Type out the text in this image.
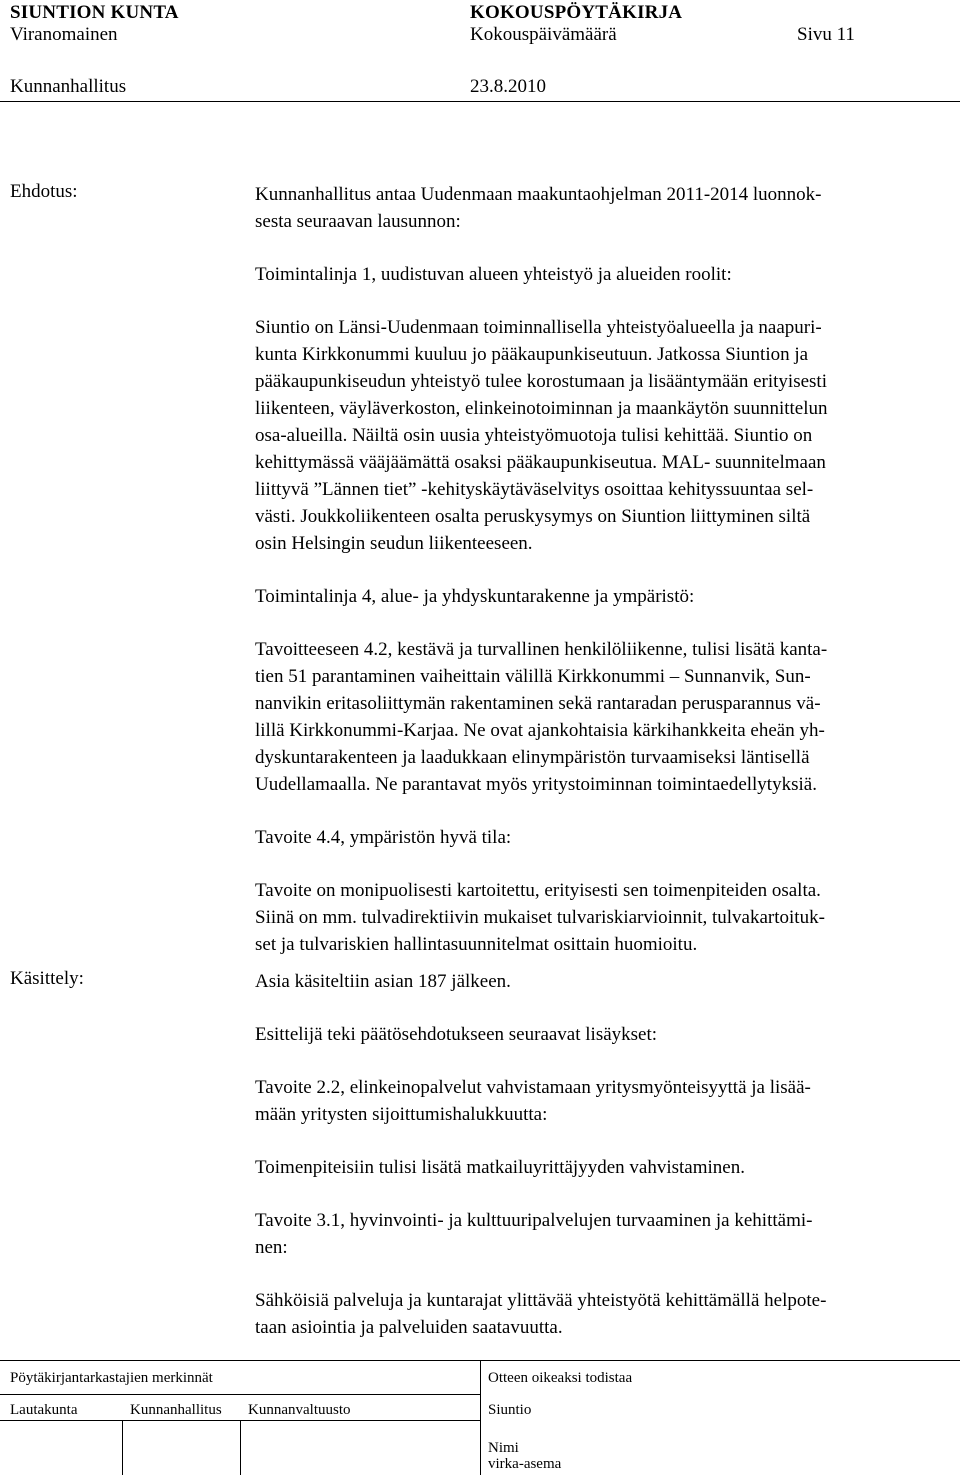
SIUNTION KUNTA	KOKOUSPÖYTÄKIRJA
Viranomainen	Kokouspäivämäärä	Sivu 11
Kunnanhallitus	23.8.2010
Ehdotus:	Kunnanhallitus antaa Uudenmaan maakuntaohjelman 2011-2014 luonnok-
sesta seuraavan lausunnon:

Toimintalinja 1, uudistuvan alueen yhteistyö ja alueiden roolit:

Siuntio on Länsi-Uudenmaan toiminnallisella yhteistyöalueella ja naapuri-
kunta Kirkkonummi kuuluu jo pääkaupunkiseutuun. Jatkossa Siuntion ja
pääkaupunkiseudun yhteistyö tulee korostumaan ja lisääntymään erityisesti
liikenteen, väyläverkoston, elinkeinotoiminnan ja maankäytön suunnittelun
osa-alueilla. Näiltä osin uusia yhteistyömuotoja tulisi kehittää. Siuntio on
kehittymässä vääjäämättä osaksi pääkaupunkiseutua. MAL- suunnitelmaan
liittyvä ”Lännen tiet” -kehityskäytäväselvitys osoittaa kehityssuuntaa sel-
västi. Joukkoliikenteen osalta peruskysymys on Siuntion liittyminen siltä
osin Helsingin seudun liikenteeseen.

Toimintalinja 4, alue- ja yhdyskuntarakenne ja ympäristö:

Tavoitteeseen 4.2, kestävä ja turvallinen henkilöliikenne, tulisi lisätä kanta-
tien 51 parantaminen vaiheittain välillä Kirkkonummi – Sunnanvik, Sun-
nanvikin eritasoliittymän rakentaminen sekä rantaradan perusparannus vä-
lillä Kirkkonummi-Karjaa. Ne ovat ajankohtaisia kärkihankkeita eheän yh-
dyskuntarakenteen ja laadukkaan elinympäristön turvaamiseksi läntisellä
Uudellamaalla. Ne parantavat myös yritystoiminnan toimintaedellytyksiä.

Tavoite 4.4, ympäristön hyvä tila:

Tavoite on monipuolisesti kartoitettu, erityisesti sen toimenpiteiden osalta.
Siinä on mm. tulvadirektiivin mukaiset tulvariskiarvioinnit, tulvakartoituk-
set ja tulvariskien hallintasuunnitelmat osittain huomioitu.

Käsittely:	Asia käsiteltiin asian 187 jälkeen.

Esittelijä teki päätösehdotukseen seuraavat lisäykset:

Tavoite 2.2, elinkeinopalvelut vahvistamaan yritysmyönteisyyttä ja lisää-
mään yritysten sijoittumishalukkuutta:

Toimenpiteisiin tulisi lisätä matkailuyrittäjyyden vahvistaminen.

Tavoite 3.1, hyvinvointi- ja kulttuuripalvelujen turvaaminen ja kehittämi-
nen:

Sähköisiä palveluja ja kuntarajat ylittävää yhteistyötä kehittämällä helpote-
taan asiointia ja palveluiden saatavuutta.

Pöytäkirjantarkastajien merkinnät	Otteen oikeaksi todistaa
Lautakunta	Kunnanhallitus Kunnanvaltuusto	Siuntio
Nimi
virka-asema
